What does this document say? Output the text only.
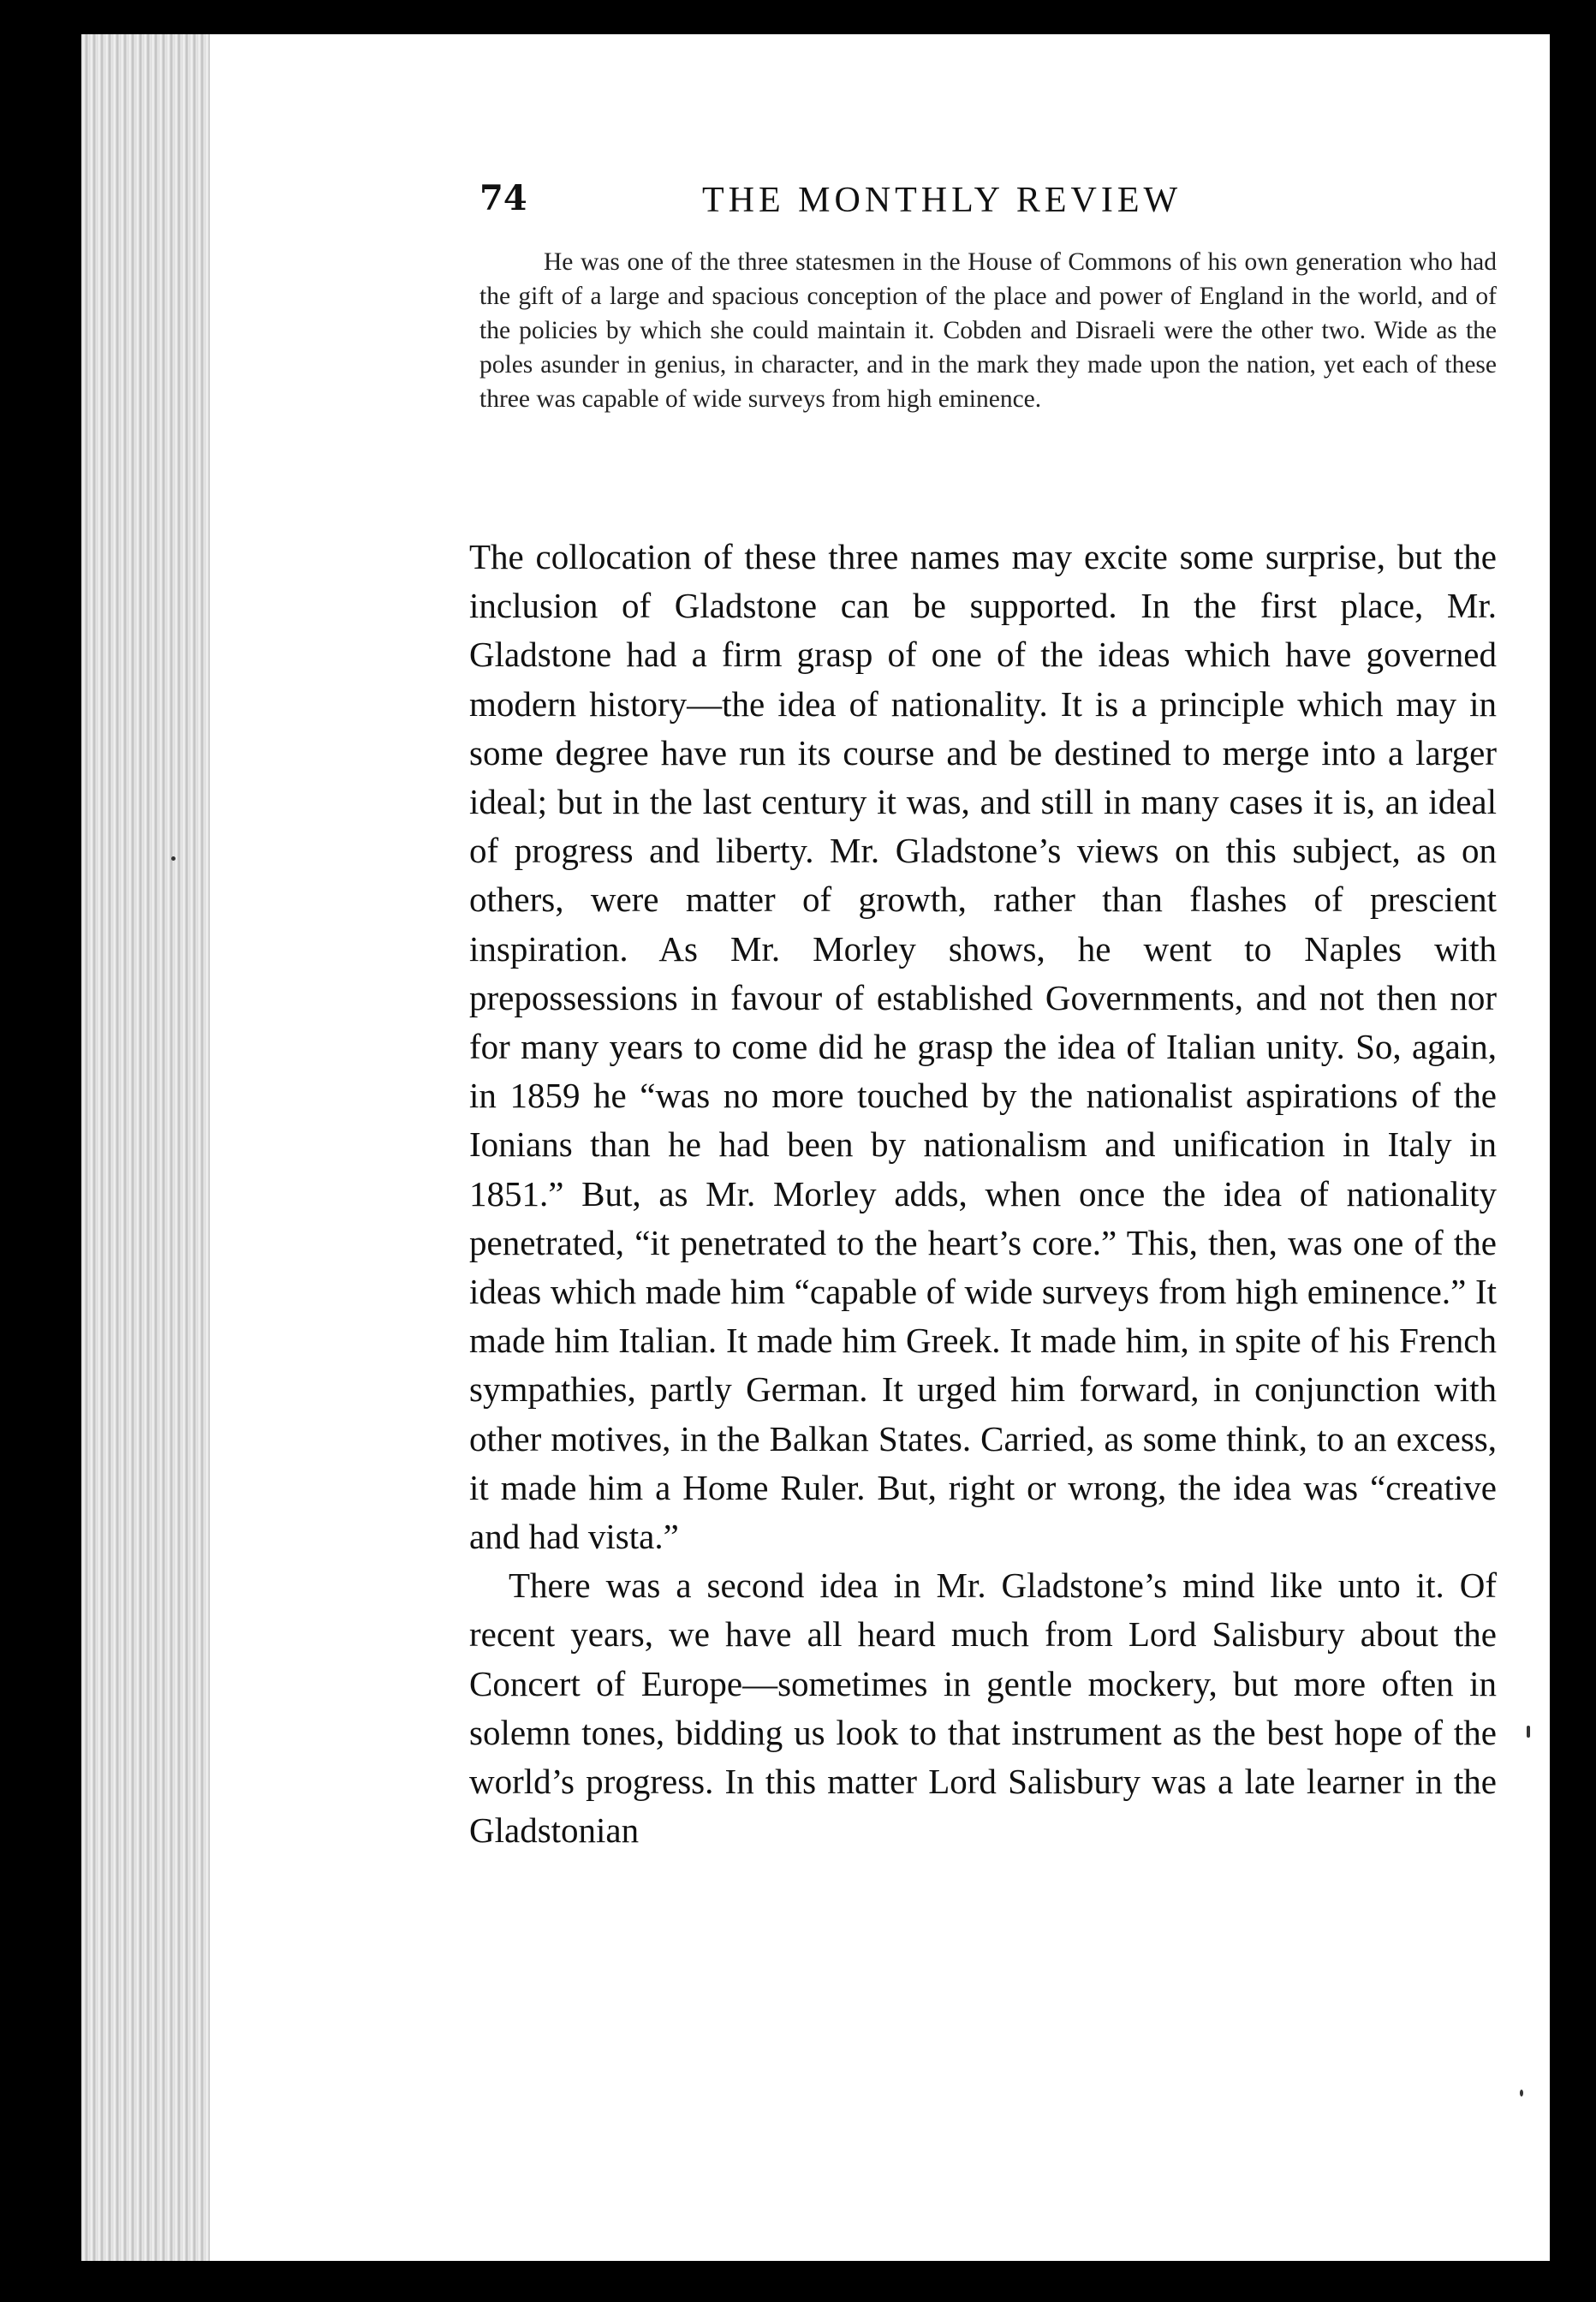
74	THE MONTHLY REVIEW

He was one of the three statesmen in the House of Commons of his own generation who had the gift of a large and spacious conception of the place and power of England in the world, and of the policies by which she could maintain it. Cobden and Disraeli were the other two. Wide as the poles asunder in genius, in character, and in the mark they made upon the nation, yet each of these three was capable of wide surveys from high eminence.

The collocation of these three names may excite some surprise, but the inclusion of Gladstone can be supported. In the first place, Mr. Gladstone had a firm grasp of one of the ideas which have governed modern history—the idea of nationality. It is a principle which may in some degree have run its course and be destined to merge into a larger ideal; but in the last century it was, and still in many cases it is, an ideal of progress and liberty. Mr. Gladstone’s views on this subject, as on others, were matter of growth, rather than flashes of prescient inspiration. As Mr. Morley shows, he went to Naples with prepossessions in favour of established Governments, and not then nor for many years to come did he grasp the idea of Italian unity. So, again, in 1859 he “was no more touched by the nationalist aspirations of the Ionians than he had been by nationalism and unification in Italy in 1851.” But, as Mr. Morley adds, when once the idea of nationality penetrated, “it penetrated to the heart’s core.” This, then, was one of the ideas which made him “capable of wide surveys from high eminence.” It made him Italian. It made him Greek. It made him, in spite of his French sympathies, partly German. It urged him forward, in conjunction with other motives, in the Balkan States. Carried, as some think, to an excess, it made him a Home Ruler. But, right or wrong, the idea was “creative and had vista.”

There was a second idea in Mr. Gladstone’s mind like unto it. Of recent years, we have all heard much from Lord Salisbury about the Concert of Europe—sometimes in gentle mockery, but more often in solemn tones, bidding us look to that instrument as the best hope of the world’s progress. In this matter Lord Salisbury was a late learner in the Gladstonian
